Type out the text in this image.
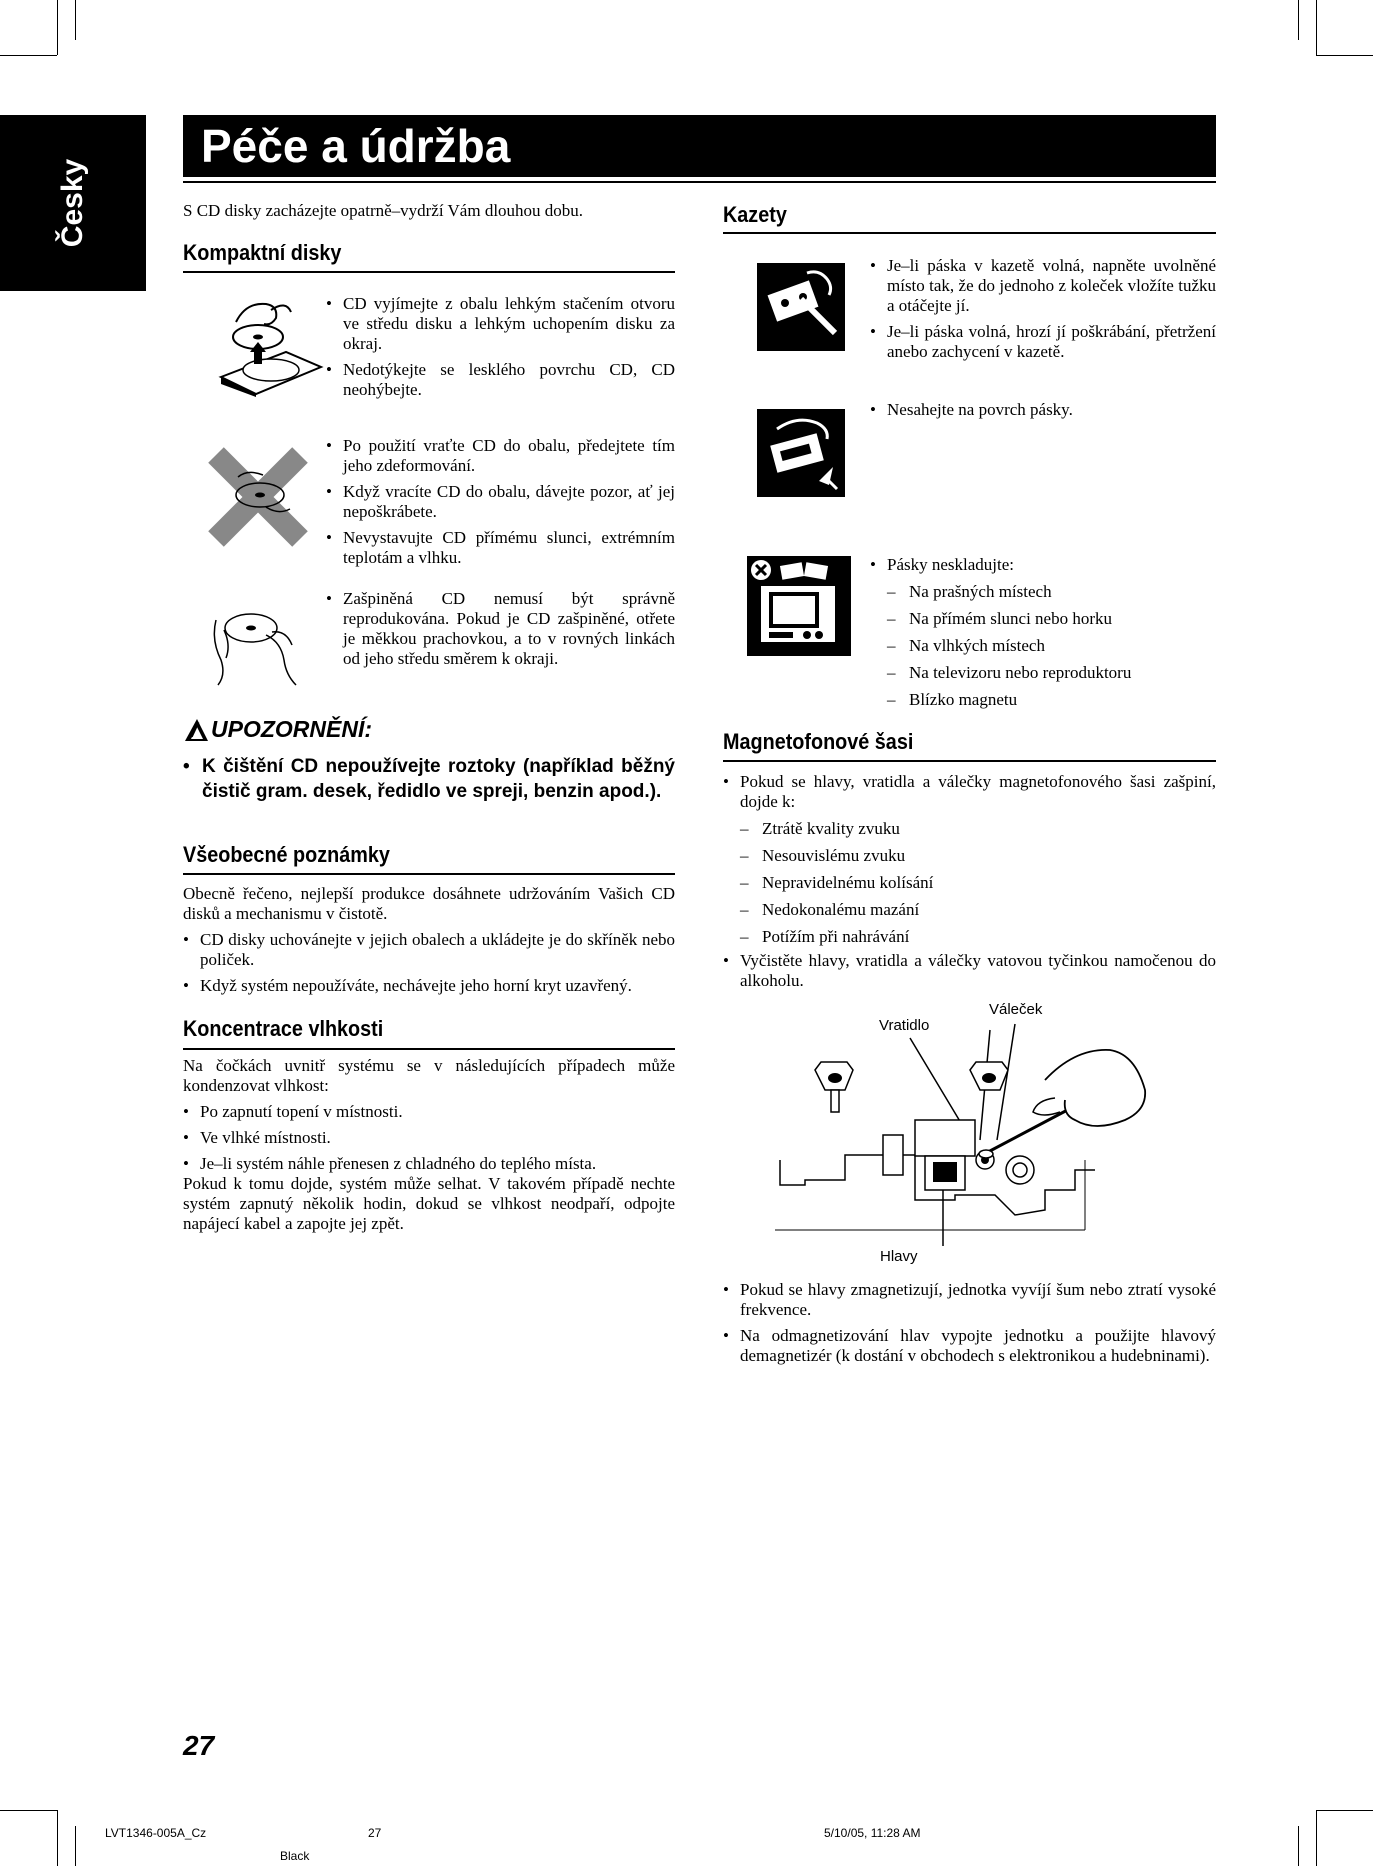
Česky
Péče a údržba
S CD disky zacházejte opatrně–vydrží Vám dlouhou dobu.
Kompaktní disky
• CD vyjímejte z obalu lehkým stačením otvoru ve středu disku a lehkým uchopením disku za okraj.
• Nedotýkejte se lesklého povrchu CD, CD neohýbejte.
• Po použití vraťte CD do obalu, předejtete tím jeho zdeformování.
• Když vracíte CD do obalu, dávejte pozor, ať jej nepoškrábete.
• Nevystavujte CD přímému slunci, extrémním teplotám a vlhku.
• Zašpiněná CD nemusí být správně reprodukována. Pokud je CD zašpiněné, otřete je měkkou prachovkou, a to v rovných linkách od jeho středu směrem k okraji.
UPOZORNĚNÍ:
• K čištění CD nepoužívejte roztoky (například běžný čistič gram. desek, ředidlo ve spreji, benzin apod.).
Všeobecné poznámky
Obecně řečeno, nejlepší produkce dosáhnete udržováním Vašich CD disků a mechanismu v čistotě.
• CD disky uchovánejte v jejich obalech a ukládejte je do skříněk nebo poliček.
• Když systém nepoužíváte, nechávejte jeho horní kryt uzavřený.
Koncentrace vlhkosti
Na čočkách uvnitř systému se v následujících případech může kondenzovat vlhkost:
• Po zapnutí topení v místnosti.
• Ve vlhké místnosti.
• Je–li systém náhle přenesen z chladného do teplého místa.
Pokud k tomu dojde, systém může selhat. V takovém případě nechte systém zapnutý několik hodin, dokud se vlhkost neodpaří, odpojte napájecí kabel a zapojte jej zpět.
Kazety
• Je–li páska v kazetě volná, napněte uvolněné místo tak, že do jednoho z koleček vložíte tužku a otáčejte jí.
• Je–li páska volná, hrozí jí poškrábání, přetržení anebo zachycení v kazetě.
• Nesahejte na povrch pásky.
• Pásky neskladujte:
– Na prašných místech
– Na přímém slunci nebo horku
– Na vlhkých místech
– Na televizoru nebo reproduktoru
– Blízko magnetu
Magnetofonové šasi
• Pokud se hlavy, vratidla a válečky magnetofonového šasi zašpiní, dojde k:
– Ztrátě kvality zvuku
– Nesouvislému zvuku
– Nepravidelnému kolísání
– Nedokonalému mazání
– Potížím při nahrávání
• Vyčistěte hlavy, vratidla a válečky vatovou tyčinkou namočenou do alkoholu.
Vratidlo
Váleček
Hlavy
• Pokud se hlavy zmagnetizují, jednotka vyvíjí šum nebo ztratí vysoké frekvence.
• Na odmagnetizování hlav vypojte jednotku a použijte hlavový demagnetizér (k dostání v obchodech s elektronikou a hudebninami).
27
LVT1346-005A_Cz	27	5/10/05, 11:28 AM
Black
